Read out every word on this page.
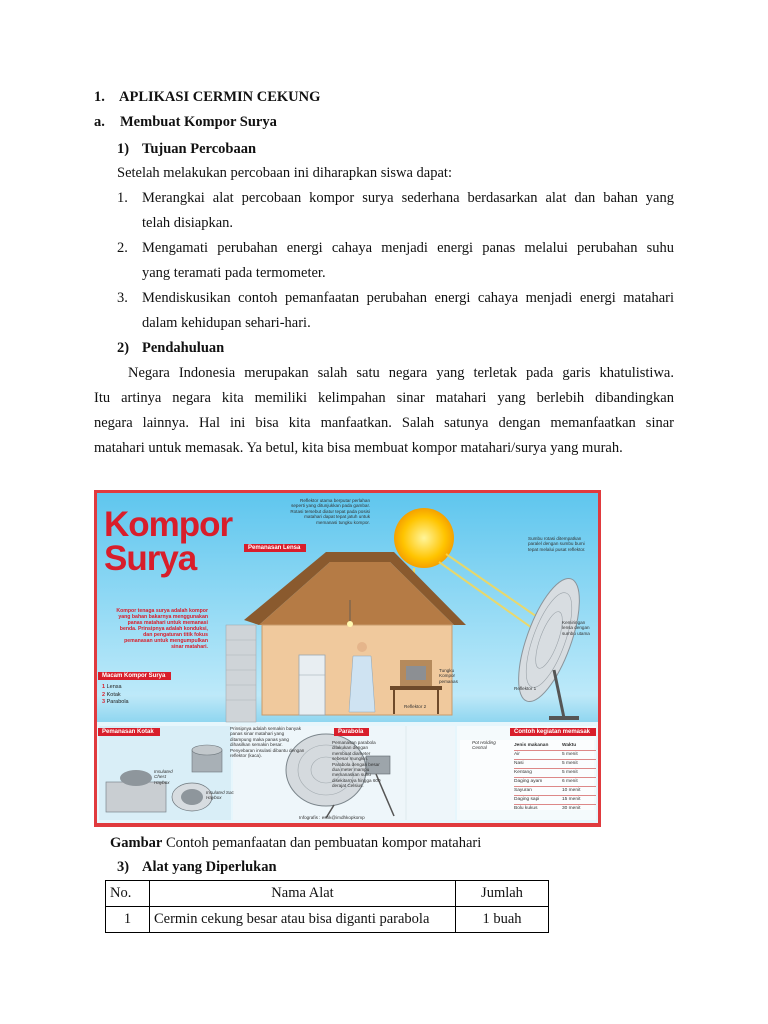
1. APLIKASI CERMIN CEKUNG
a. Membuat Kompor Surya
1) Tujuan Percobaan
Setelah melakukan percobaan ini diharapkan siswa dapat:
1. Merangkai alat percobaan kompor surya sederhana berdasarkan alat dan bahan yang
telah disiapkan.
2. Mengamati perubahan energi cahaya menjadi energi panas melalui perubahan suhu
yang teramati pada termometer.
3. Mendiskusikan contoh pemanfaatan perubahan energi cahaya menjadi energi matahari
dalam kehidupan sehari-hari.
2) Pendahuluan
Negara Indonesia merupakan salah satu negara yang terletak pada garis khatulistiwa.
Itu artinya negara kita memiliki kelimpahan sinar matahari yang berlebih dibandingkan
negara lainnya. Hal ini bisa kita manfaatkan. Salah satunya dengan memanfaatkan sinar
matahari untuk memasak. Ya betul, kita bisa membuat kompor matahari/surya yang murah.
Kompor
Surya
Kompor tenaga surya adalah kompor yang bahan bakarnya menggunakan panas matahari untuk memanasi benda. Prinsipnya adalah konduksi, dan pengaturan titik fokus pemanasan untuk mengumpulkan sinar matahari.
Reflektor utama berputar perlahan seperti yang ditunjukkan pada gambar. Rotasi tersebut diatur tepat pada posisi matahari dapat tepat jatuh untuk memanasi tungku kompor.
Sumbu rotasi ditempatkan paralel dengan sumbu bumi tepat melalui pusat reflektor.
Kemiringan lensa dengan sumbu utama
Pemanasan Lensa
Macam Kompor Surya
1 Lensa
2 Kotak
3 Parabola
Tungku Kompor pemanas
Reflektor 1
Reflektor 2
Pemanasan Kotak
Prinsipnya adalah semakin banyak panas sinar matahari yang ditampung maka panas yang dihasilkan semakin besar. Penyebaran insulasi dibantu dengan reflektor (kaca).
Insulated Chest Haybox
Insulated Sac Haybox
Parabola
Pemanasan parabola dilakukan dengan membuat diameter sebesar mungkin. Parabola dengan besar dua meter mampu memanaskan suhu disekitarnya hingga 600 derajat Celsius.
Pot Holding Central
Contoh kegiatan memasak
Jenis makanan	Waktu
Air	5 menit
Nasi	5 menit
Kentang	5 menit
Daging ayam	6 menit
Sayuran	10 menit
Daging sapi	15 menit
Bolu kukus	30 menit
Infografis : eshk@imdhkopkomp
Gambar Contoh pemanfaatan dan pembuatan kompor matahari
3) Alat yang Diperlukan
No.	Nama Alat	Jumlah
1	Cermin cekung besar atau bisa diganti parabola	1 buah
